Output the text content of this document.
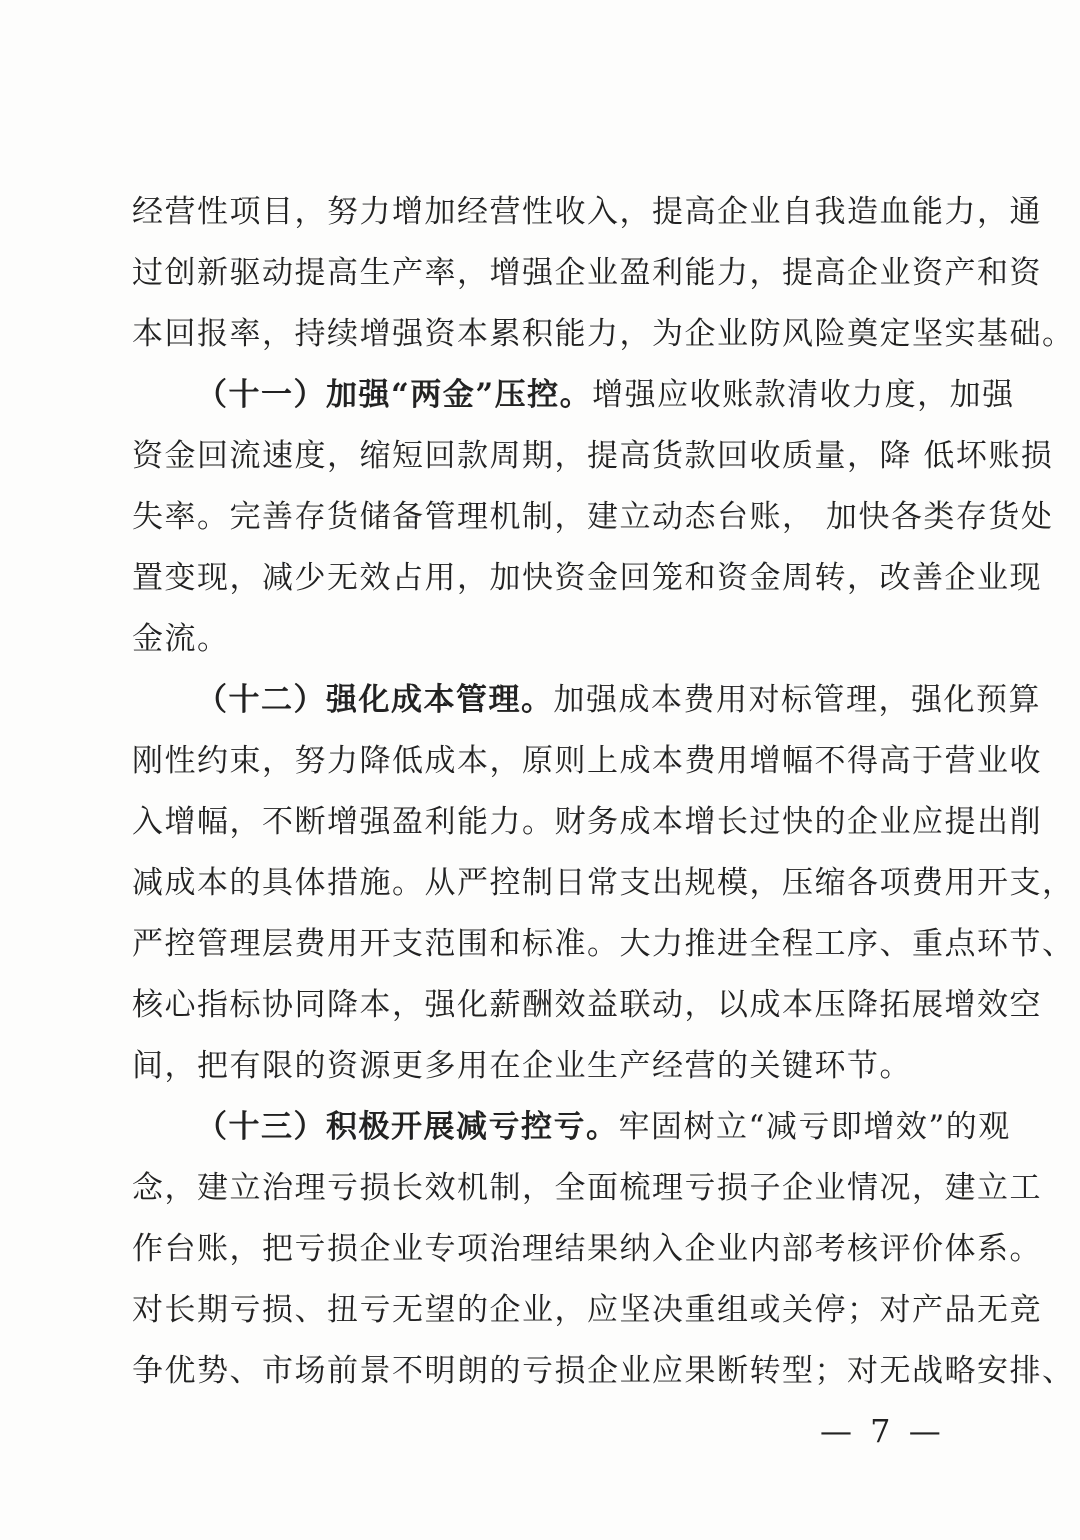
经营性项目，努力增加经营性收入，提高企业自我造血能力，通
过创新驱动提高生产率，增强企业盈利能力，提高企业资产和资
本回报率，持续增强资本累积能力，为企业防风险奠定坚实基础。
（十一）加强“两金”压控。增强应收账款清收力度，加强
资金回流速度，缩短回款周期，提高货款回收质量，降 低坏账损
失率。完善存货储备管理机制，建立动态台账， 加快各类存货处
置变现，减少无效占用，加快资金回笼和资金周转，改善企业现
金流。
（十二）强化成本管理。加强成本费用对标管理，强化预算
刚性约束，努力降低成本，原则上成本费用增幅不得高于营业收
入增幅，不断增强盈利能力。财务成本增长过快的企业应提出削
减成本的具体措施。从严控制日常支出规模，压缩各项费用开支，
严控管理层费用开支范围和标准。大力推进全程工序、重点环节、
核心指标协同降本，强化薪酬效益联动，以成本压降拓展增效空
间，把有限的资源更多用在企业生产经营的关键环节。
（十三）积极开展减亏控亏。牢固树立“减亏即增效”的观
念，建立治理亏损长效机制，全面梳理亏损子企业情况，建立工
作台账，把亏损企业专项治理结果纳入企业内部考核评价体系。
对长期亏损、扭亏无望的企业，应坚决重组或关停；对产品无竞
争优势、市场前景不明朗的亏损企业应果断转型；对无战略安排、
— 7 —
